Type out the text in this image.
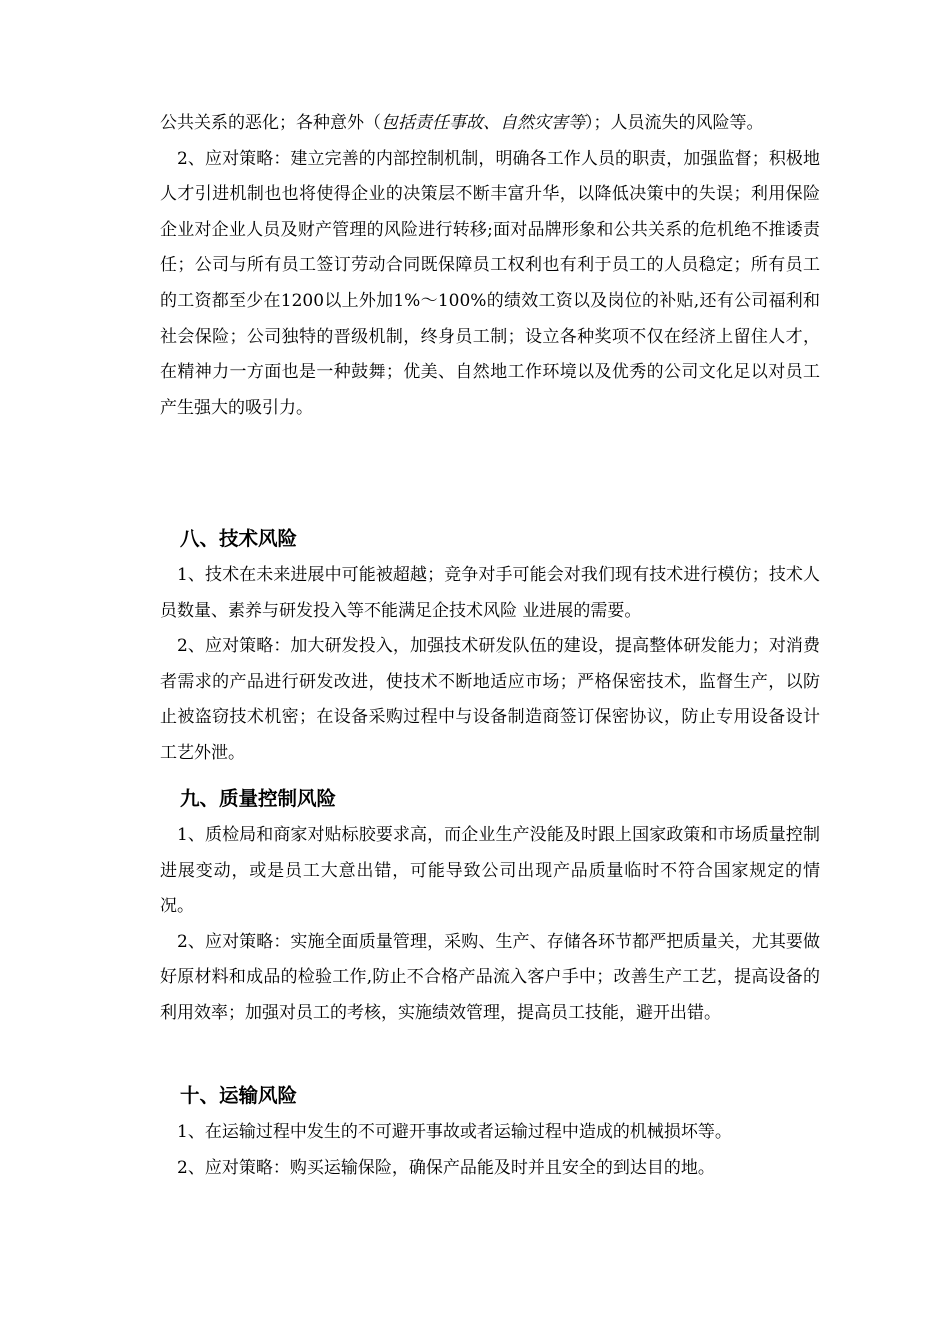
公共关系的恶化；各种意外（包括责任事故、自然灾害等）；人员流失的风险等。

2、应对策略：建立完善的内部控制机制，明确各工作人员的职责，加强监督；积极地人才引进机制也也将使得企业的决策层不断丰富升华，以降低决策中的失误；利用保险企业对企业人员及财产管理的风险进行转移;面对品牌形象和公共关系的危机绝不推诿责任；公司与所有员工签订劳动合同既保障员工权利也有利于员工的人员稳定；所有员工的工资都至少在1200以上外加1%～100%的绩效工资以及岗位的补贴,还有公司福利和社会保险；公司独特的晋级机制，终身员工制；设立各种奖项不仅在经济上留住人才，在精神力一方面也是一种鼓舞；优美、自然地工作环境以及优秀的公司文化足以对员工产生强大的吸引力。

八、技术风险

1、技术在未来进展中可能被超越；竞争对手可能会对我们现有技术进行模仿；技术人员数量、素养与研发投入等不能满足企技术风险 业进展的需要。

2、应对策略：加大研发投入，加强技术研发队伍的建设，提高整体研发能力；对消费者需求的产品进行研发改进，使技术不断地适应市场；严格保密技术，监督生产，以防止被盗窃技术机密；在设备采购过程中与设备制造商签订保密协议，防止专用设备设计工艺外泄。

九、质量控制风险

1、质检局和商家对贴标胶要求高，而企业生产没能及时跟上国家政策和市场质量控制进展变动，或是员工大意出错，可能导致公司出现产品质量临时不符合国家规定的情况。

2、应对策略：实施全面质量管理，采购、生产、存储各环节都严把质量关，尤其要做好原材料和成品的检验工作,防止不合格产品流入客户手中；改善生产工艺，提高设备的利用效率；加强对员工的考核，实施绩效管理，提高员工技能，避开出错。

十、运输风险

1、在运输过程中发生的不可避开事故或者运输过程中造成的机械损坏等。

2、应对策略：购买运输保险，确保产品能及时并且安全的到达目的地。
